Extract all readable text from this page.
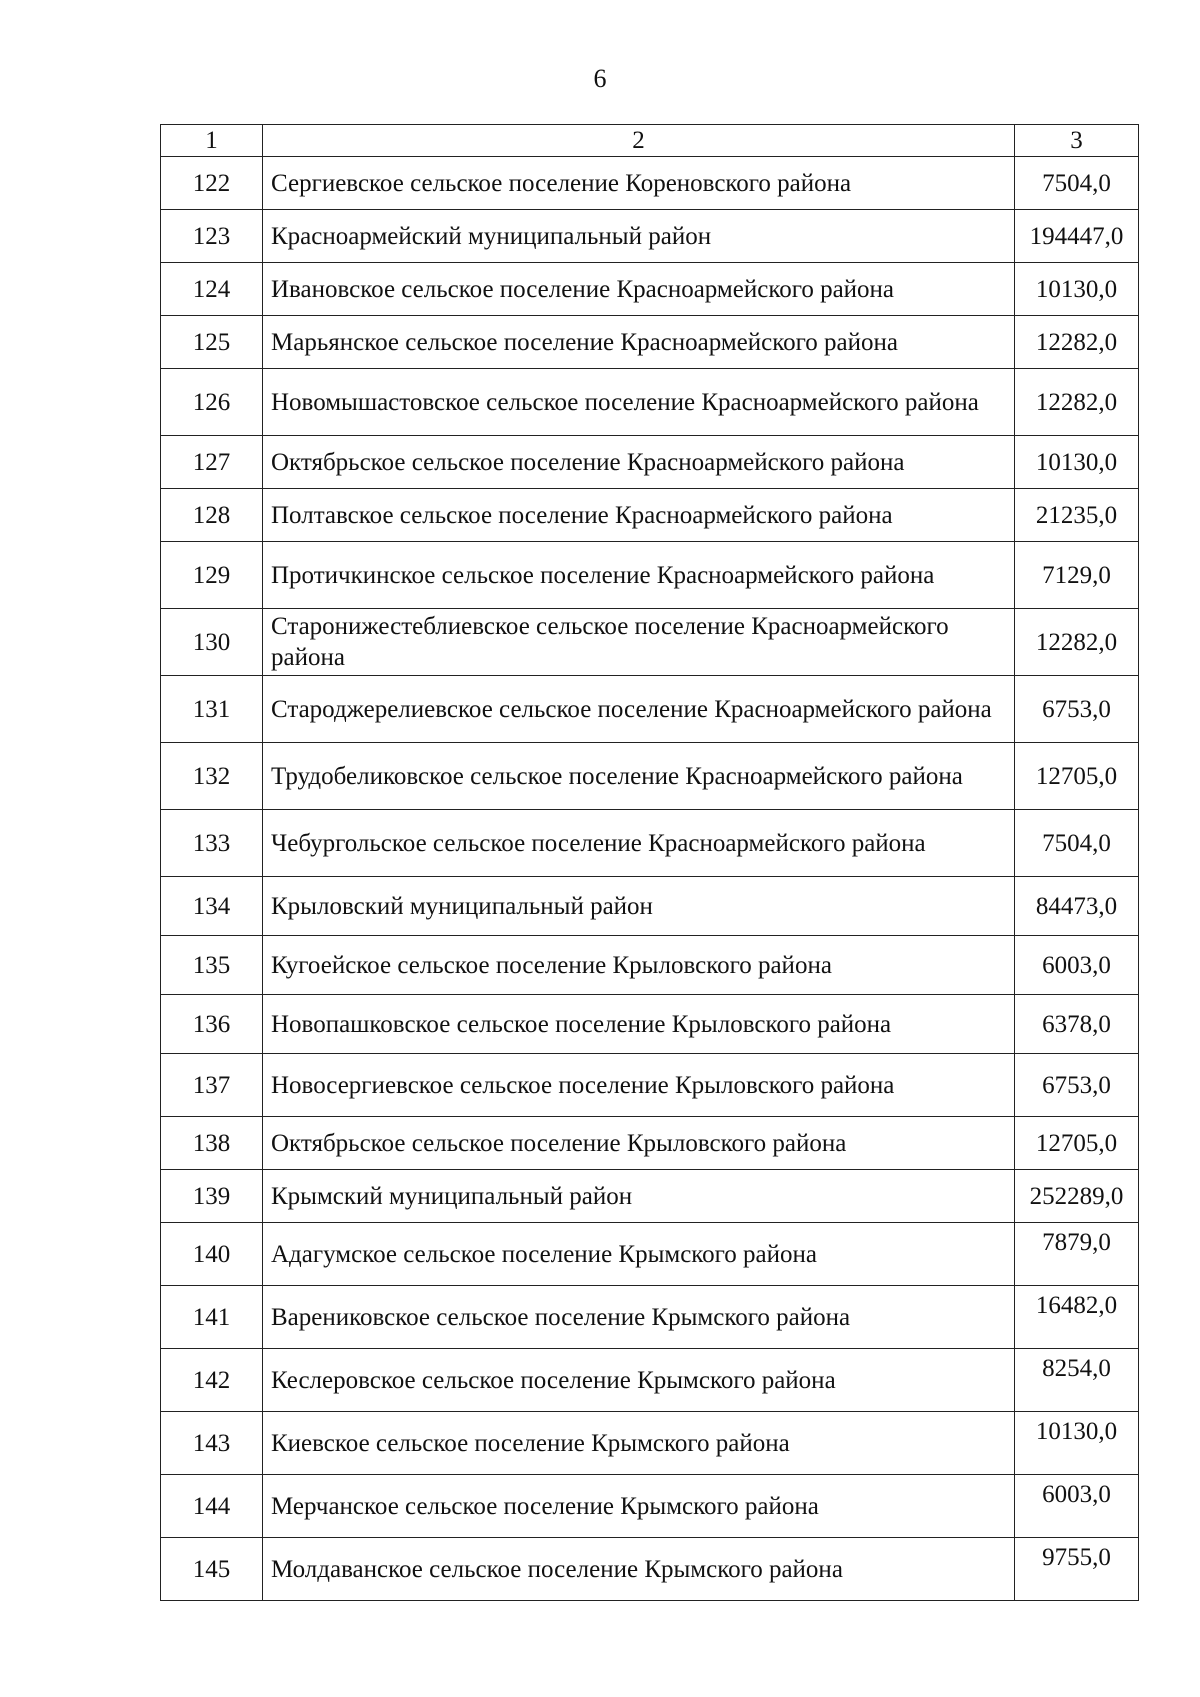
6
1	2	3
122	Сергиевское сельское поселение Кореновского района	7504,0
123	Красноармейский муниципальный район	194447,0
124	Ивановское сельское поселение Красноармейского района	10130,0
125	Марьянское сельское поселение Красноармейского района	12282,0
126	Новомышастовское сельское поселение Красноармейского района	12282,0
127	Октябрьское сельское поселение Красноармейского района	10130,0
128	Полтавское сельское поселение Красноармейского района	21235,0
129	Протичкинское сельское поселение Красноармейского района	7129,0
130	Старонижестеблиевское сельское поселение Красноармейского района	12282,0
131	Староджерелиевское сельское поселение Красноармейского района	6753,0
132	Трудобеликовское сельское поселение Красноармейского района	12705,0
133	Чебургольское сельское поселение Красноармейского района	7504,0
134	Крыловский муниципальный район	84473,0
135	Кугоейское сельское поселение Крыловского района	6003,0
136	Новопашковское сельское поселение Крыловского района	6378,0
137	Новосергиевское сельское поселение Крыловского района	6753,0
138	Октябрьское сельское поселение Крыловского района	12705,0
139	Крымский муниципальный район	252289,0
140	Адагумское сельское поселение Крымского района	7879,0
141	Варениковское сельское поселение Крымского района	16482,0
142	Кеслеровское сельское поселение Крымского района	8254,0
143	Киевское сельское поселение Крымского района	10130,0
144	Мерчанское сельское поселение Крымского района	6003,0
145	Молдаванское сельское поселение Крымского района	9755,0
